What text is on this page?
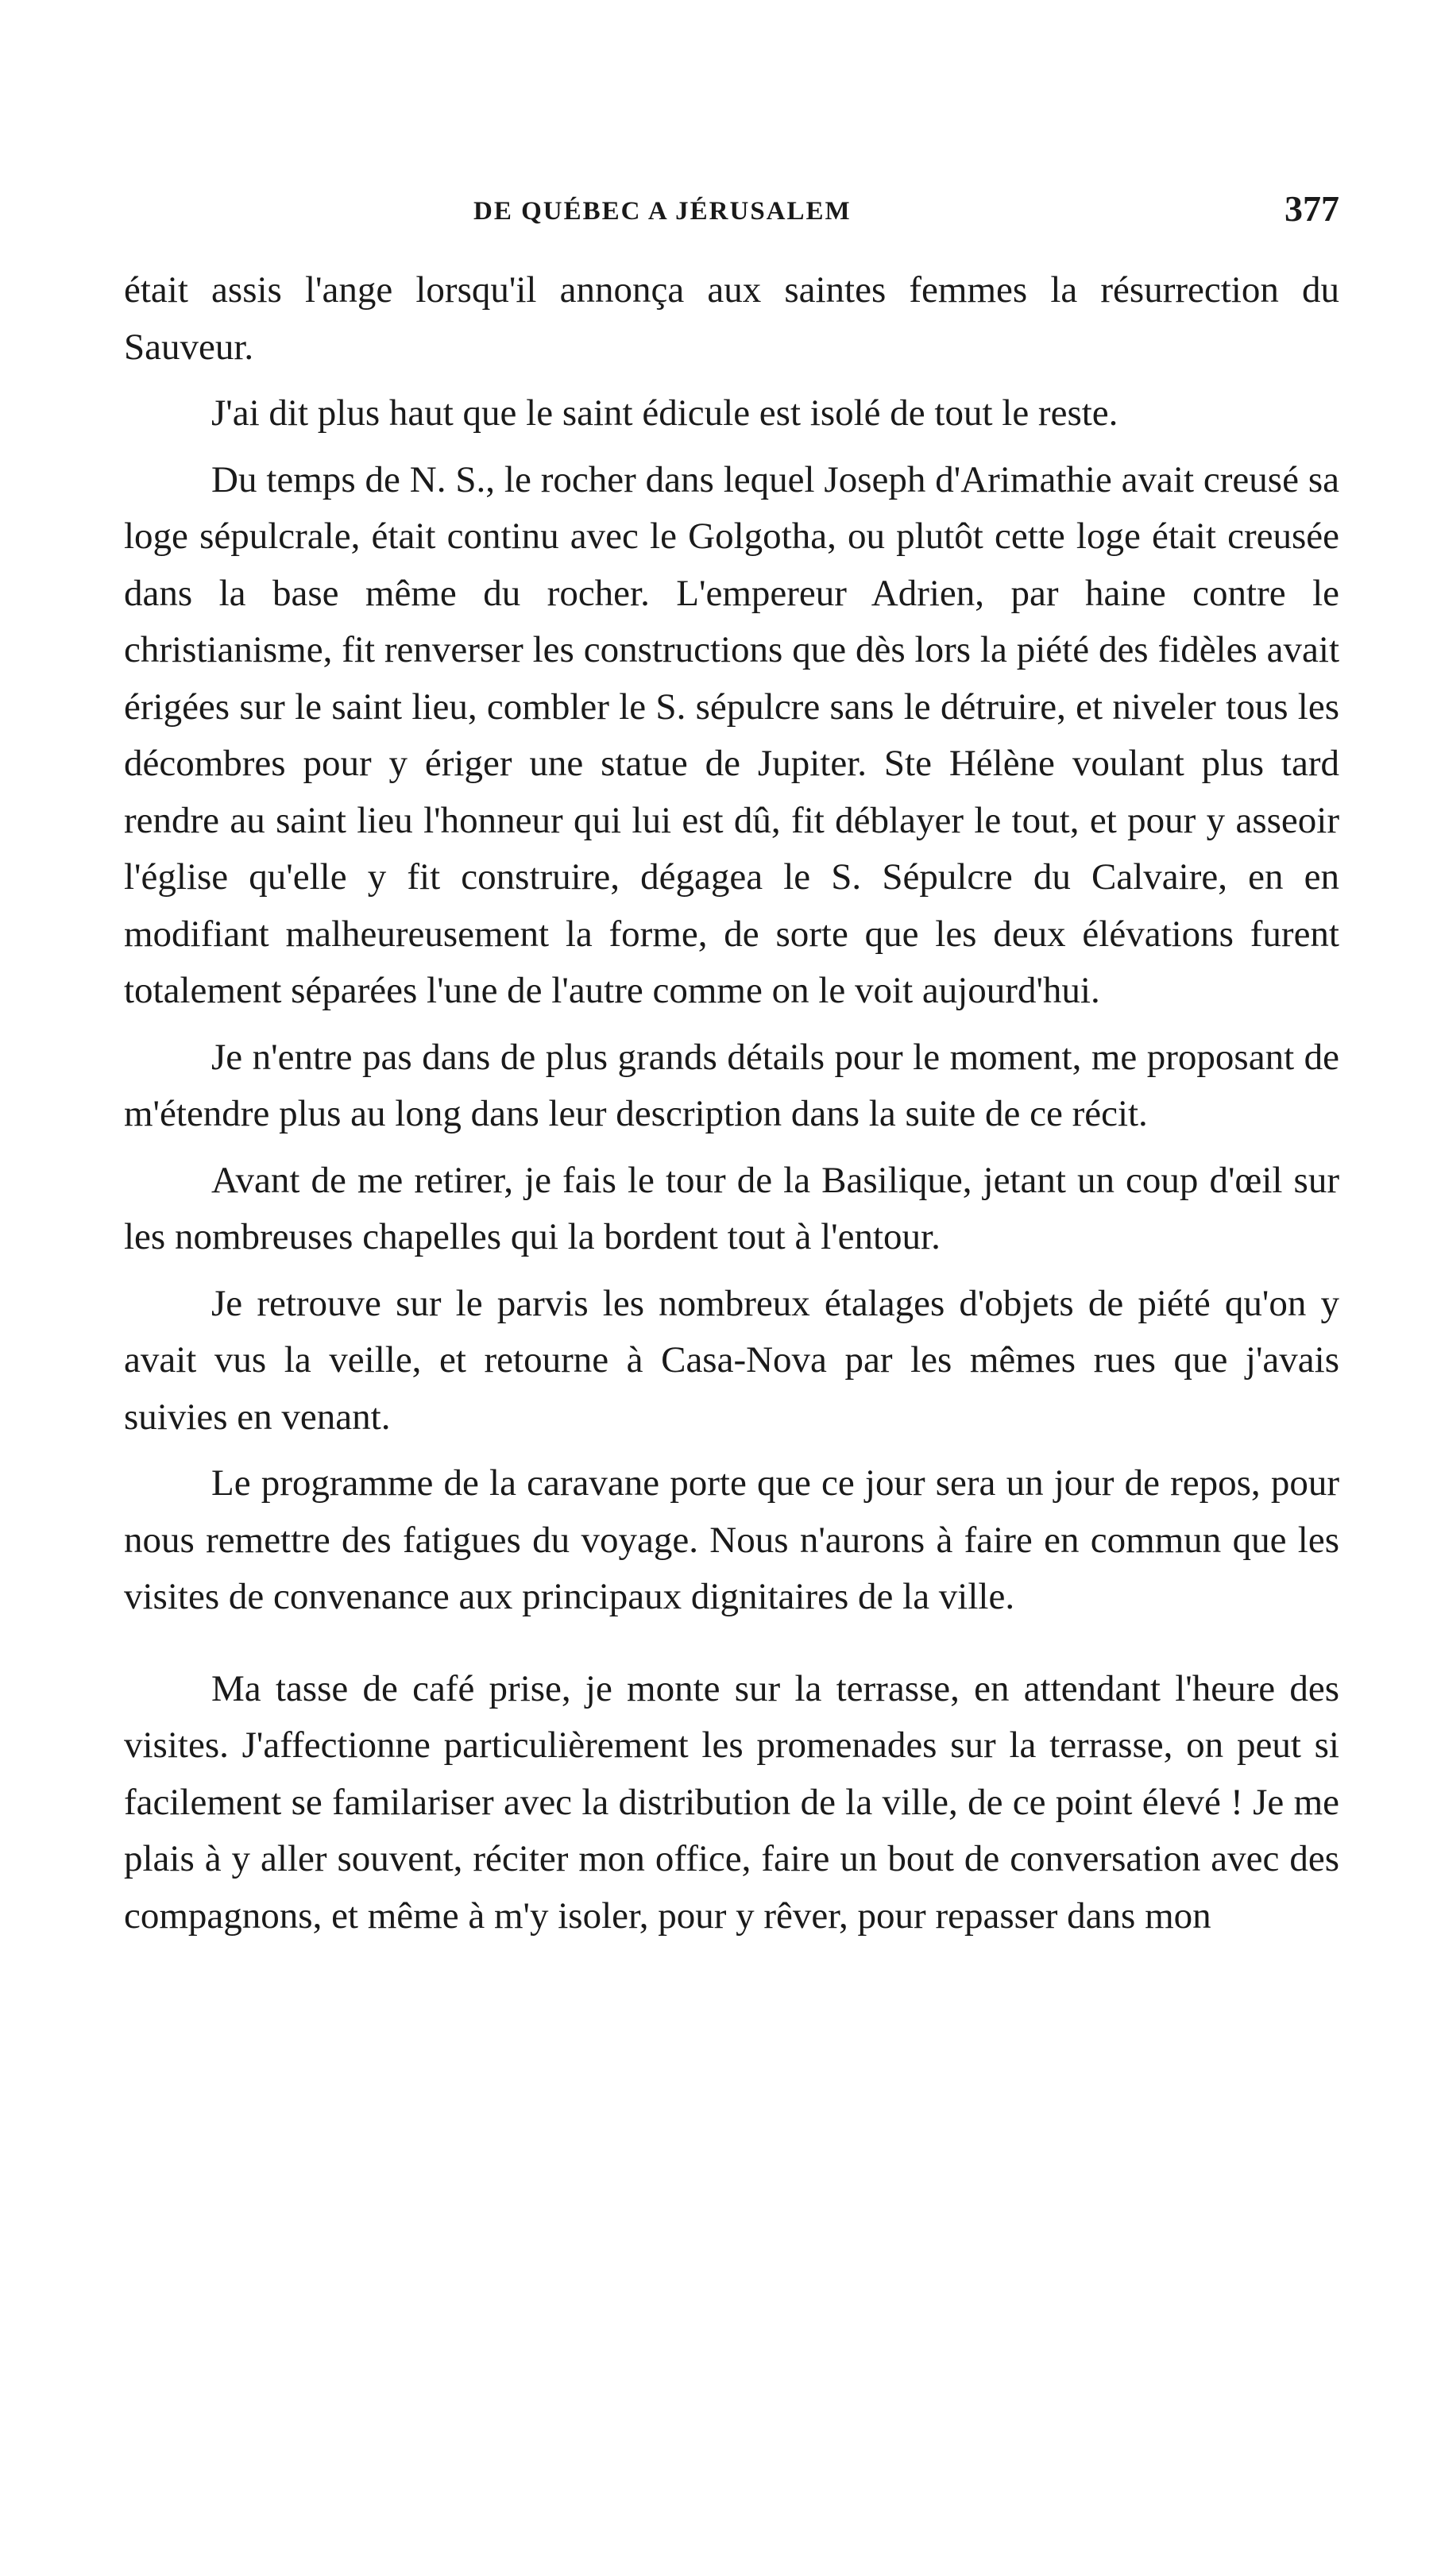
DE QUÉBEC A JÉRUSALEM	377

était assis l'ange lorsqu'il annonça aux saintes femmes la résurrection du Sauveur.

J'ai dit plus haut que le saint édicule est isolé de tout le reste.

Du temps de N. S., le rocher dans lequel Joseph d'Arimathie avait creusé sa loge sépulcrale, était continu avec le Golgotha, ou plutôt cette loge était creusée dans la base même du rocher. L'empereur Adrien, par haine contre le christianisme, fit renverser les constructions que dès lors la piété des fidèles avait érigées sur le saint lieu, combler le S. sépulcre sans le détruire, et niveler tous les décombres pour y ériger une statue de Jupiter. Ste Hélène voulant plus tard rendre au saint lieu l'honneur qui lui est dû, fit déblayer le tout, et pour y asseoir l'église qu'elle y fit construire, dégagea le S. Sépulcre du Calvaire, en en modifiant malheureusement la forme, de sorte que les deux élévations furent totalement séparées l'une de l'autre comme on le voit aujourd'hui.

Je n'entre pas dans de plus grands détails pour le moment, me proposant de m'étendre plus au long dans leur description dans la suite de ce récit.

Avant de me retirer, je fais le tour de la Basilique, jetant un coup d'œil sur les nombreuses chapelles qui la bordent tout à l'entour.

Je retrouve sur le parvis les nombreux étalages d'objets de piété qu'on y avait vus la veille, et retourne à Casa-Nova par les mêmes rues que j'avais suivies en venant.

Le programme de la caravane porte que ce jour sera un jour de repos, pour nous remettre des fatigues du voyage. Nous n'aurons à faire en commun que les visites de convenance aux principaux dignitaires de la ville.

Ma tasse de café prise, je monte sur la terrasse, en attendant l'heure des visites. J'affectionne particulièrement les promenades sur la terrasse, on peut si facilement se familariser avec la distribution de la ville, de ce point élevé ! Je me plais à y aller souvent, réciter mon office, faire un bout de conversation avec des compagnons, et même à m'y isoler, pour y rêver, pour repasser dans mon
